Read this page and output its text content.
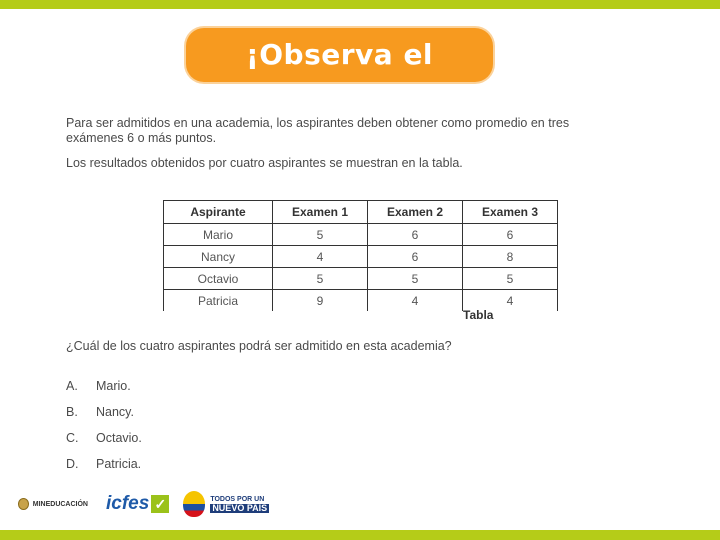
¡Observa el ejemplo!

Para ser admitidos en una academia, los aspirantes deben obtener como promedio en tres exámenes 6 o más puntos.

Los resultados obtenidos por cuatro aspirantes se muestran en la tabla.

Aspirante	Examen 1	Examen 2	Examen 3
Mario	5	6	6
Nancy	4	6	8
Octavio	5	5	5
Patricia	9	4	4
Tabla
¿Cuál de los cuatro aspirantes podrá ser admitido en esta academia?
A.	Mario.
B.	Nancy.
C.	Octavio.
D.	Patricia.
MINEDUCACIÓN icfes ✓	TODOS POR UN
NUEVO PAÍS
